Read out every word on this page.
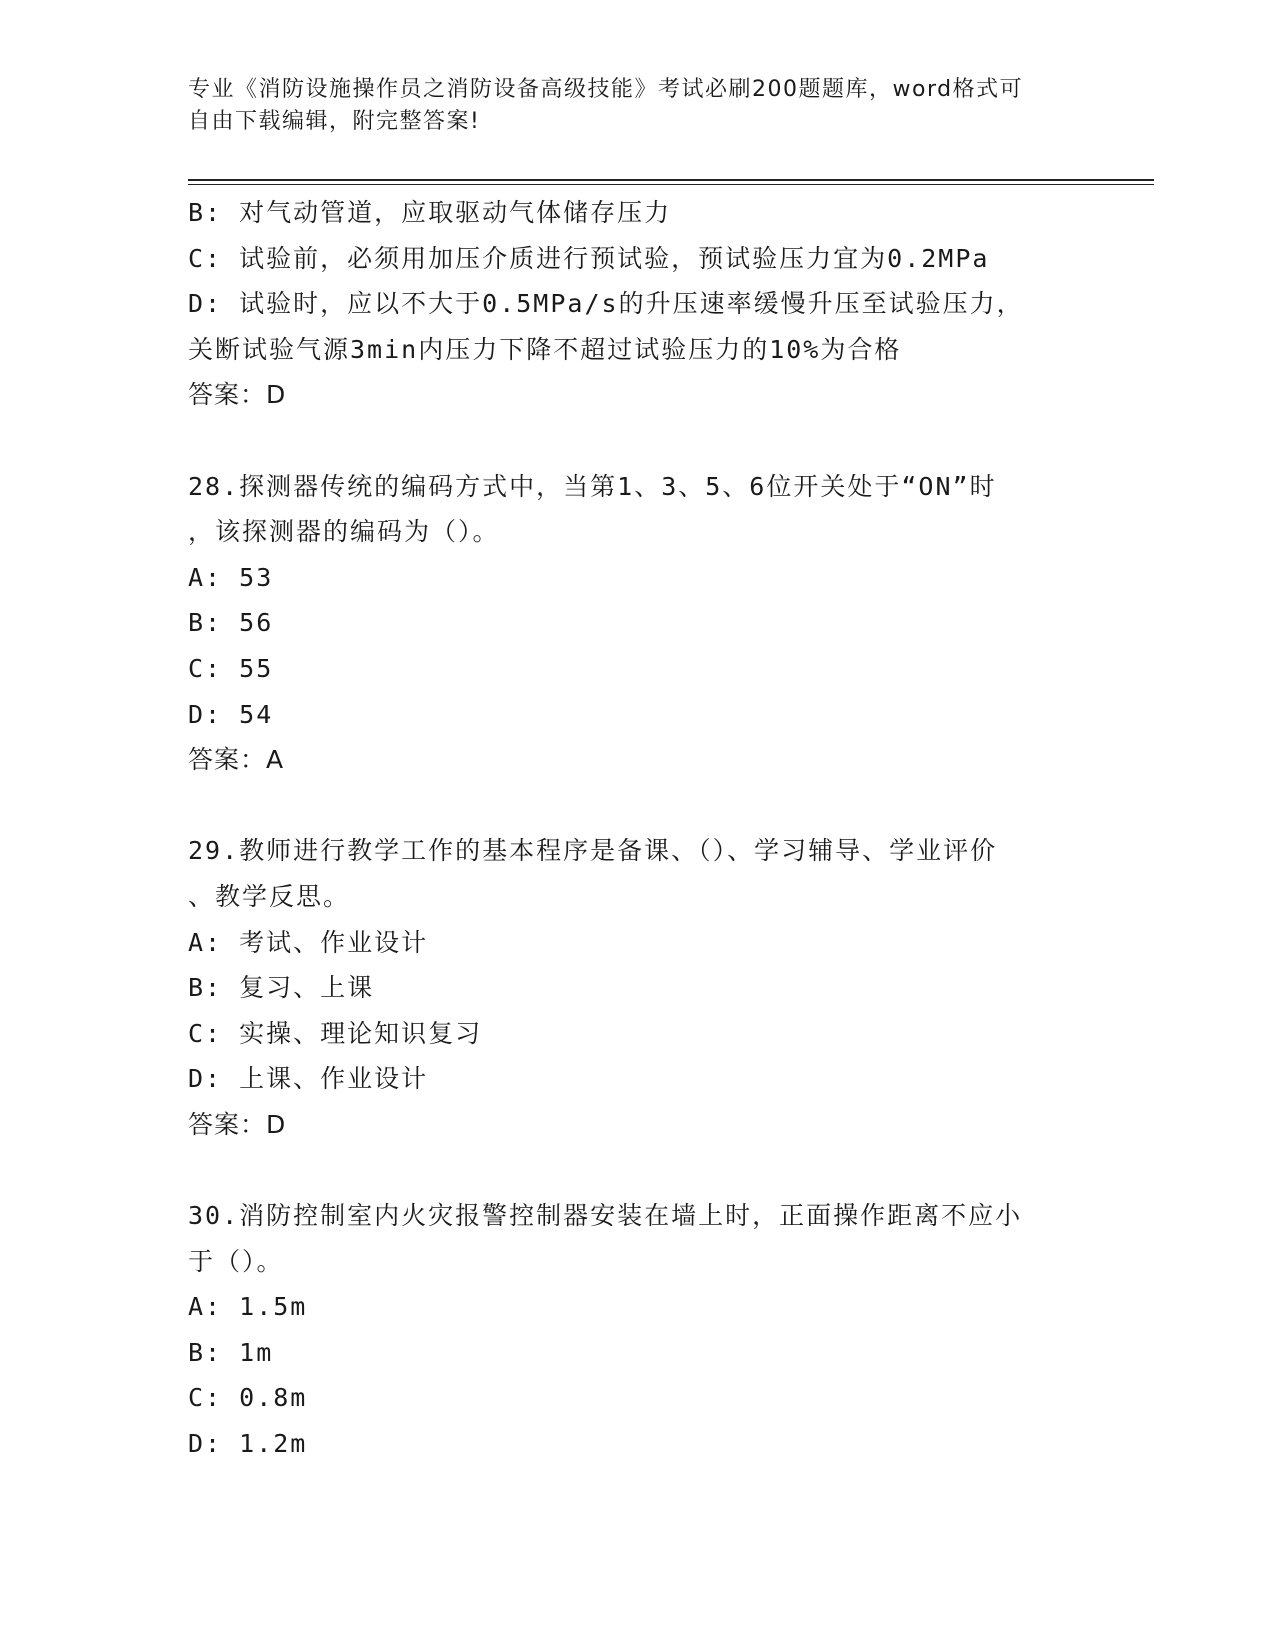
专业《消防设施操作员之消防设备高级技能》考试必刷200题题库，word格式可
自由下载编辑，附完整答案!
B: 对气动管道，应取驱动气体储存压力
C: 试验前，必须用加压介质进行预试验，预试验压力宜为0.2MPa
D: 试验时，应以不大于0.5MPa/s的升压速率缓慢升压至试验压力，
关断试验气源3min内压力下降不超过试验压力的10%为合格
答案：D
28.探测器传统的编码方式中，当第1、3、5、6位开关处于“ON”时
，该探测器的编码为（）。
A: 53
B: 56
C: 55
D: 54
答案：A
29.教师进行教学工作的基本程序是备课、（）、学习辅导、学业评价
、教学反思。
A: 考试、作业设计
B: 复习、上课
C: 实操、理论知识复习
D: 上课、作业设计
答案：D
30.消防控制室内火灾报警控制器安装在墙上时，正面操作距离不应小
于（）。
A: 1.5m
B: 1m
C: 0.8m
D: 1.2m
